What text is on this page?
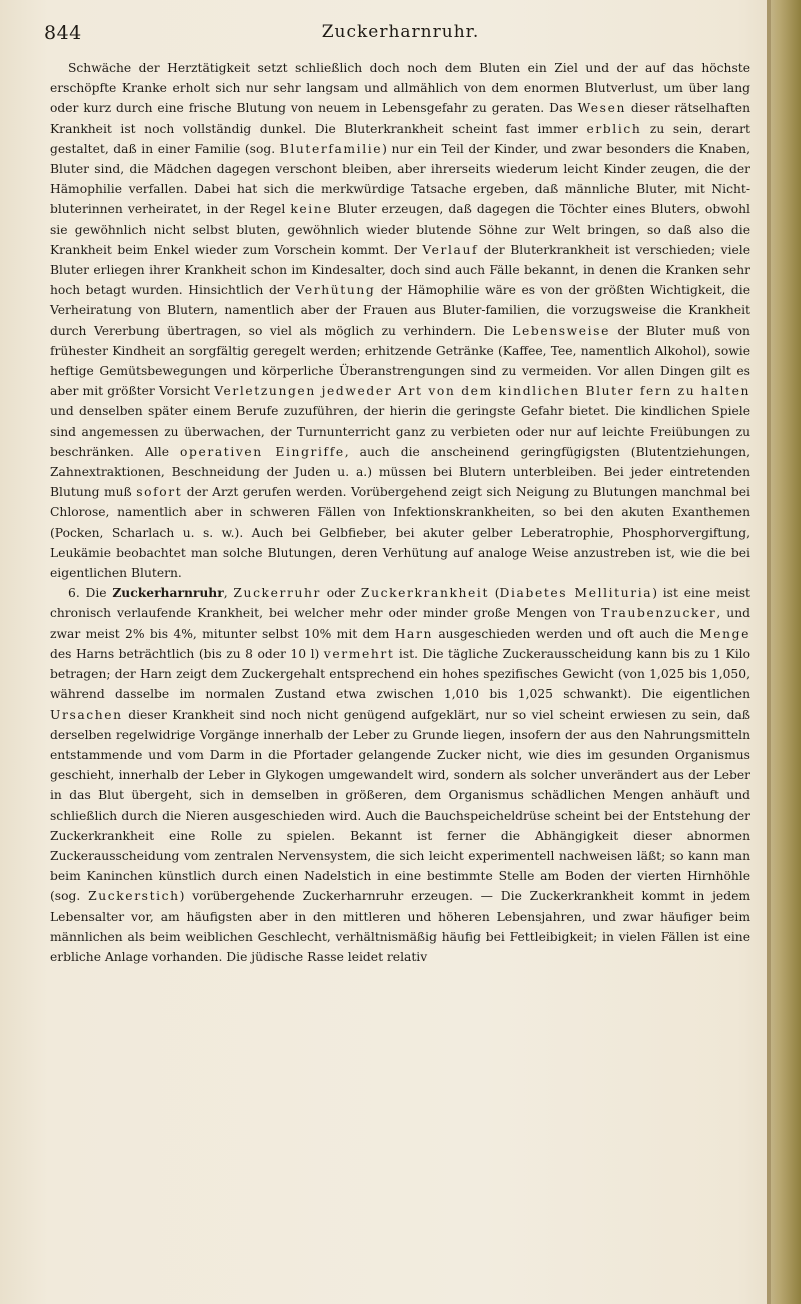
844	Zuckerharnruhr.

Schwäche der Herztätigkeit setzt schließlich doch noch dem Bluten ein Ziel und der auf das höchste erschöpfte Kranke erholt sich nur sehr langsam und allmählich von dem enormen Blutverlust, um über lang oder kurz durch eine frische Blutung von neuem in Lebensgefahr zu geraten. Das Wesen dieser rätselhaften Krankheit ist noch vollständig dunkel. Die Bluterkrankheit scheint fast immer erblich zu sein, derart gestaltet, daß in einer Familie (sog. Bluterfamilie) nur ein Teil der Kinder, und zwar besonders die Knaben, Bluter sind, die Mädchen dagegen verschont bleiben, aber ihrerseits wiederum leicht Kinder zeugen, die der Hämophilie verfallen. Dabei hat sich die merkwürdige Tatsache ergeben, daß männliche Bluter, mit Nicht-bluterinnen verheiratet, in der Regel keine Bluter erzeugen, daß dagegen die Töchter eines Bluters, obwohl sie gewöhnlich nicht selbst bluten, gewöhnlich wieder blutende Söhne zur Welt bringen, so daß also die Krankheit beim Enkel wieder zum Vorschein kommt. Der Verlauf der Bluterkrankheit ist verschieden; viele Bluter erliegen ihrer Krankheit schon im Kindesalter, doch sind auch Fälle bekannt, in denen die Kranken sehr hoch betagt wurden. Hinsichtlich der Verhütung der Hämophilie wäre es von der größten Wichtigkeit, die Verheiratung von Blutern, namentlich aber der Frauen aus Bluter-familien, die vorzugsweise die Krankheit durch Vererbung übertragen, so viel als möglich zu verhindern. Die Lebensweise der Bluter muß von frühester Kindheit an sorgfältig geregelt werden; erhitzende Getränke (Kaffee, Tee, namentlich Alkohol), sowie heftige Gemütsbewegungen und körperliche Überanstrengungen sind zu vermeiden. Vor allen Dingen gilt es aber mit größter Vorsicht Verletzungen jedweder Art von dem kindlichen Bluter fern zu halten und denselben später einem Berufe zuzuführen, der hierin die geringste Gefahr bietet. Die kindlichen Spiele sind angemessen zu überwachen, der Turnunterricht ganz zu verbieten oder nur auf leichte Freiübungen zu beschränken. Alle operativen Eingriffe, auch die anscheinend geringfügigsten (Blutentziehungen, Zahnextraktionen, Beschneidung der Juden u. a.) müssen bei Blutern unterbleiben. Bei jeder eintretenden Blutung muß sofort der Arzt gerufen werden. Vorübergehend zeigt sich Neigung zu Blutungen manchmal bei Chlorose, namentlich aber in schweren Fällen von Infektionskrankheiten, so bei den akuten Exanthemen (Pocken, Scharlach u. s. w.). Auch bei Gelbfieber, bei akuter gelber Leberatrophie, Phosphorvergiftung, Leukämie beobachtet man solche Blutungen, deren Verhütung auf analoge Weise anzustreben ist, wie die bei eigentlichen Blutern.

6. Die Zuckerharnruhr, Zuckerruhr oder Zuckerkrankheit (Diabetes Mellituria) ist eine meist chronisch verlaufende Krankheit, bei welcher mehr oder minder große Mengen von Traubenzucker, und zwar meist 2% bis 4%, mitunter selbst 10% mit dem Harn ausgeschieden werden und oft auch die Menge des Harns beträchtlich (bis zu 8 oder 10 l) vermehrt ist. Die tägliche Zuckerausscheidung kann bis zu 1 Kilo betragen; der Harn zeigt dem Zuckergehalt entsprechend ein hohes spezifisches Gewicht (von 1,025 bis 1,050, während dasselbe im normalen Zustand etwa zwischen 1,010 bis 1,025 schwankt). Die eigentlichen Ursachen dieser Krankheit sind noch nicht genügend aufgeklärt, nur so viel scheint erwiesen zu sein, daß derselben regelwidrige Vorgänge innerhalb der Leber zu Grunde liegen, insofern der aus den Nahrungsmitteln entstammende und vom Darm in die Pfortader gelangende Zucker nicht, wie dies im gesunden Organismus geschieht, innerhalb der Leber in Glykogen umgewandelt wird, sondern als solcher unverändert aus der Leber in das Blut übergeht, sich in demselben in größeren, dem Organismus schädlichen Mengen anhäuft und schließlich durch die Nieren ausgeschieden wird. Auch die Bauchspeicheldrüse scheint bei der Entstehung der Zuckerkrankheit eine Rolle zu spielen. Bekannt ist ferner die Abhängigkeit dieser abnormen Zuckerausscheidung vom zentralen Nervensystem, die sich leicht experimentell nachweisen läßt; so kann man beim Kaninchen künstlich durch einen Nadelstich in eine bestimmte Stelle am Boden der vierten Hirnhöhle (sog. Zuckerstich) vorübergehende Zuckerharnruhr erzeugen. — Die Zuckerkrankheit kommt in jedem Lebensalter vor, am häufigsten aber in den mittleren und höheren Lebensjahren, und zwar häufiger beim männlichen als beim weiblichen Geschlecht, verhältnismäßig häufig bei Fettleibigkeit; in vielen Fällen ist eine erbliche Anlage vorhanden. Die jüdische Rasse leidet relativ
